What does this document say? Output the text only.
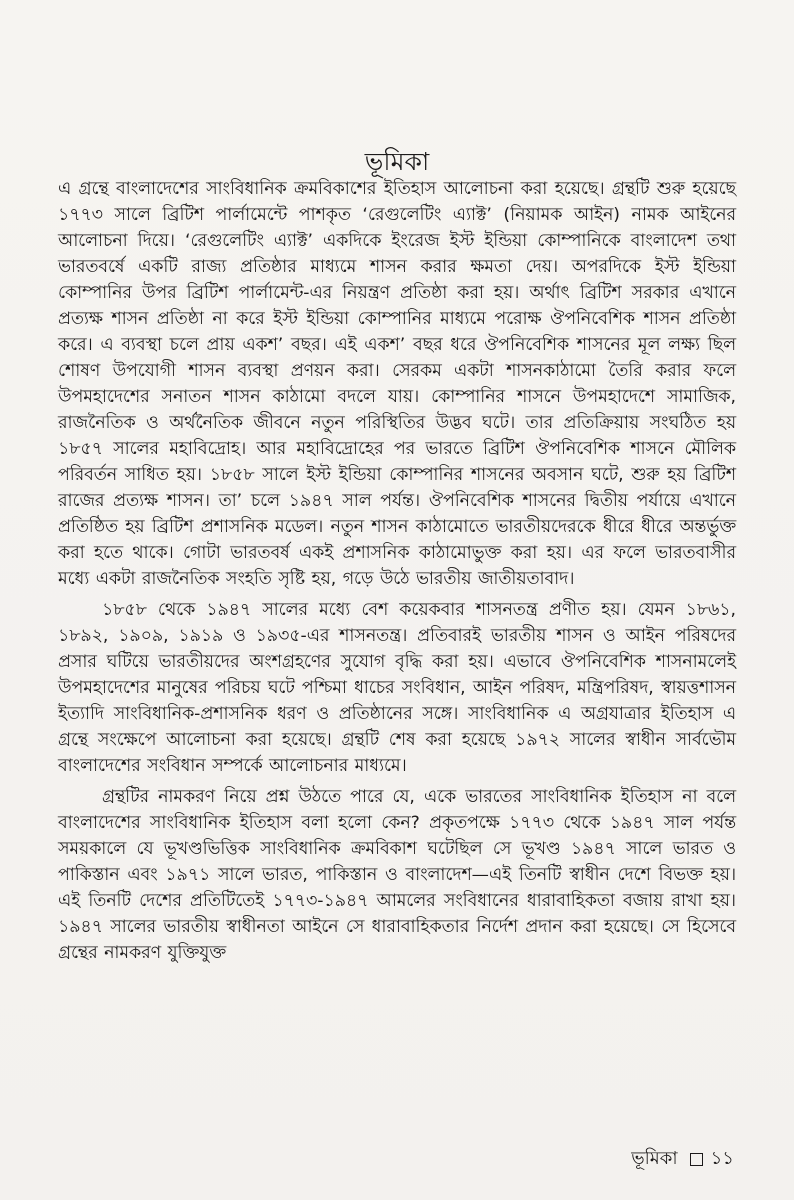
ভূমিকা

এ গ্রন্থে বাংলাদেশের সাংবিধানিক ক্রমবিকাশের ইতিহাস আলোচনা করা হয়েছে। গ্রন্থটি শুরু হয়েছে ১৭৭৩ সালে ব্রিটিশ পার্লামেন্টে পাশকৃত ‘রেগুলেটিং এ্যাক্ট’ (নিয়ামক আইন) নামক আইনের আলোচনা দিয়ে। ‘রেগুলেটিং এ্যাক্ট’ একদিকে ইংরেজ ইস্ট ইন্ডিয়া কোম্পানিকে বাংলাদেশ তথা ভারতবর্ষে একটি রাজ্য প্রতিষ্ঠার মাধ্যমে শাসন করার ক্ষমতা দেয়। অপরদিকে ইস্ট ইন্ডিয়া কোম্পানির উপর ব্রিটিশ পার্লামেন্ট-এর নিয়ন্ত্রণ প্রতিষ্ঠা করা হয়। অর্থাৎ ব্রিটিশ সরকার এখানে প্রত্যক্ষ শাসন প্রতিষ্ঠা না করে ইস্ট ইন্ডিয়া কোম্পানির মাধ্যমে পরোক্ষ ঔপনিবেশিক শাসন প্রতিষ্ঠা করে। এ ব্যবস্থা চলে প্রায় একশ’ বছর। এই একশ’ বছর ধরে ঔপনিবেশিক শাসনের মূল লক্ষ্য ছিল শোষণ উপযোগী শাসন ব্যবস্থা প্রণয়ন করা। সেরকম একটা শাসনকাঠামো তৈরি করার ফলে উপমহাদেশের সনাতন শাসন কাঠামো বদলে যায়। কোম্পানির শাসনে উপমহাদেশে সামাজিক, রাজনৈতিক ও অর্থনৈতিক জীবনে নতুন পরিস্থিতির উদ্ভব ঘটে। তার প্রতিক্রিয়ায় সংঘঠিত হয় ১৮৫৭ সালের মহাবিদ্রোহ। আর মহাবিদ্রোহের পর ভারতে ব্রিটিশ ঔপনিবেশিক শাসনে মৌলিক পরিবর্তন সাধিত হয়। ১৮৫৮ সালে ইস্ট ইন্ডিয়া কোম্পানির শাসনের অবসান ঘটে, শুরু হয় ব্রিটিশ রাজের প্রত্যক্ষ শাসন। তা’ চলে ১৯৪৭ সাল পর্যন্ত। ঔপনিবেশিক শাসনের দ্বিতীয় পর্যায়ে এখানে প্রতিষ্ঠিত হয় ব্রিটিশ প্রশাসনিক মডেল। নতুন শাসন কাঠামোতে ভারতীয়দেরকে ধীরে ধীরে অন্তর্ভুক্ত করা হতে থাকে। গোটা ভারতবর্ষ একই প্রশাসনিক কাঠামোভুক্ত করা হয়। এর ফলে ভারতবাসীর মধ্যে একটা রাজনৈতিক সংহতি সৃষ্টি হয়, গড়ে উঠে ভারতীয় জাতীয়তাবাদ।

১৮৫৮ থেকে ১৯৪৭ সালের মধ্যে বেশ কয়েকবার শাসনতন্ত্র প্রণীত হয়। যেমন ১৮৬১, ১৮৯২, ১৯০৯, ১৯১৯ ও ১৯৩৫-এর শাসনতন্ত্র। প্রতিবারই ভারতীয় শাসন ও আইন পরিষদের প্রসার ঘটিয়ে ভারতীয়দের অংশগ্রহণের সুযোগ বৃদ্ধি করা হয়। এভাবে ঔপনিবেশিক শাসনামলেই উপমহাদেশের মানুষের পরিচয় ঘটে পশ্চিমা ধাচের সংবিধান, আইন পরিষদ, মন্ত্রিপরিষদ, স্বায়ত্তশাসন ইত্যাদি সাংবিধানিক-প্রশাসনিক ধরণ ও প্রতিষ্ঠানের সঙ্গে। সাংবিধানিক এ অগ্রযাত্রার ইতিহাস এ গ্রন্থে সংক্ষেপে আলোচনা করা হয়েছে। গ্রন্থটি শেষ করা হয়েছে ১৯৭২ সালের স্বাধীন সার্বভৌম বাংলাদেশের সংবিধান সম্পর্কে আলোচনার মাধ্যমে।

গ্রন্থটির নামকরণ নিয়ে প্রশ্ন উঠতে পারে যে, একে ভারতের সাংবিধানিক ইতিহাস না বলে বাংলাদেশের সাংবিধানিক ইতিহাস বলা হলো কেন? প্রকৃতপক্ষে ১৭৭৩ থেকে ১৯৪৭ সাল পর্যন্ত সময়কালে যে ভূখণ্ডভিত্তিক সাংবিধানিক ক্রমবিকাশ ঘটেছিল সে ভূখণ্ড ১৯৪৭ সালে ভারত ও পাকিস্তান এবং ১৯৭১ সালে ভারত, পাকিস্তান ও বাংলাদেশ—এই তিনটি স্বাধীন দেশে বিভক্ত হয়। এই তিনটি দেশের প্রতিটিতেই ১৭৭৩-১৯৪৭ আমলের সংবিধানের ধারাবাহিকতা বজায় রাখা হয়। ১৯৪৭ সালের ভারতীয় স্বাধীনতা আইনে সে ধারাবাহিকতার নির্দেশ প্রদান করা হয়েছে। সে হিসেবে গ্রন্থের নামকরণ যুক্তিযুক্ত

ভূমিকা ১১
